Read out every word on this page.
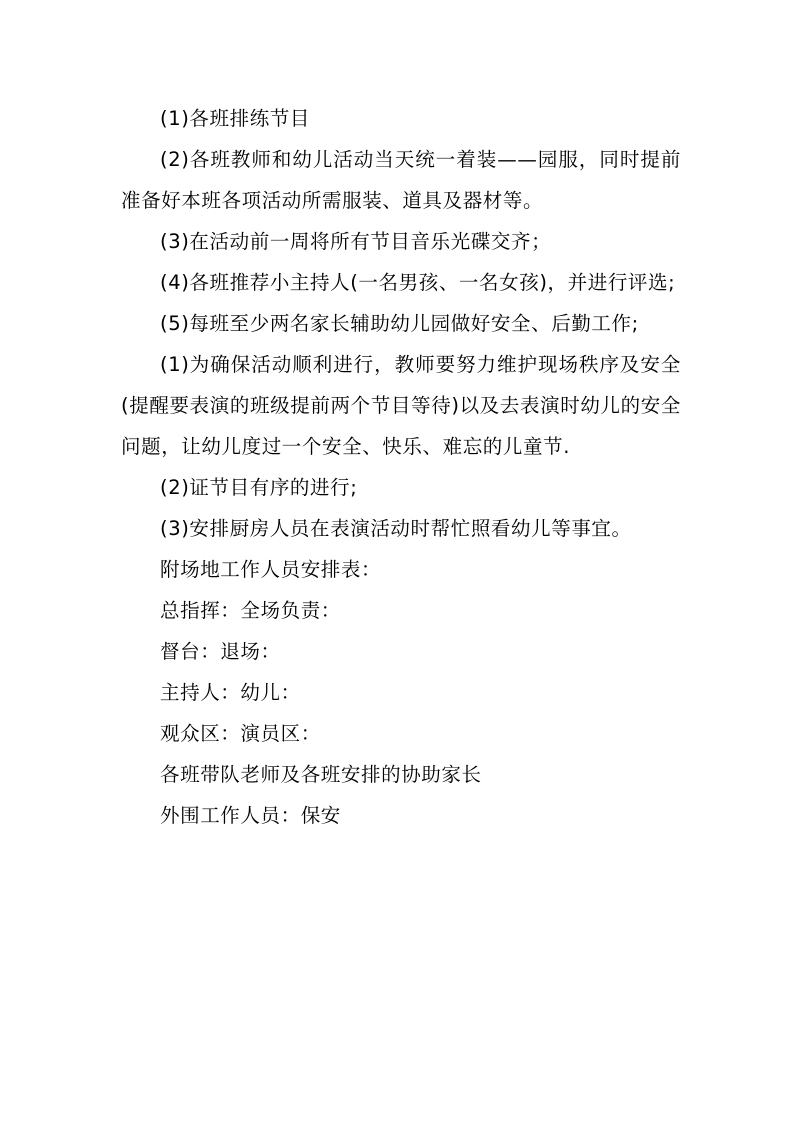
(1)各班排练节目

(2)各班教师和幼儿活动当天统一着装——园服，同时提前准备好本班各项活动所需服装、道具及器材等。

(3)在活动前一周将所有节目音乐光碟交齐；

(4)各班推荐小主持人(一名男孩、一名女孩)，并进行评选;

(5)每班至少两名家长辅助幼儿园做好安全、后勤工作;

(1)为确保活动顺利进行，教师要努力维护现场秩序及安全(提醒要表演的班级提前两个节目等待)以及去表演时幼儿的安全问题，让幼儿度过一个安全、快乐、难忘的儿童节.

(2)证节目有序的进行;

(3)安排厨房人员在表演活动时帮忙照看幼儿等事宜。

附场地工作人员安排表：

总指挥：全场负责：

督台：退场：

主持人：幼儿：

观众区：演员区：

各班带队老师及各班安排的协助家长

外围工作人员：保安
